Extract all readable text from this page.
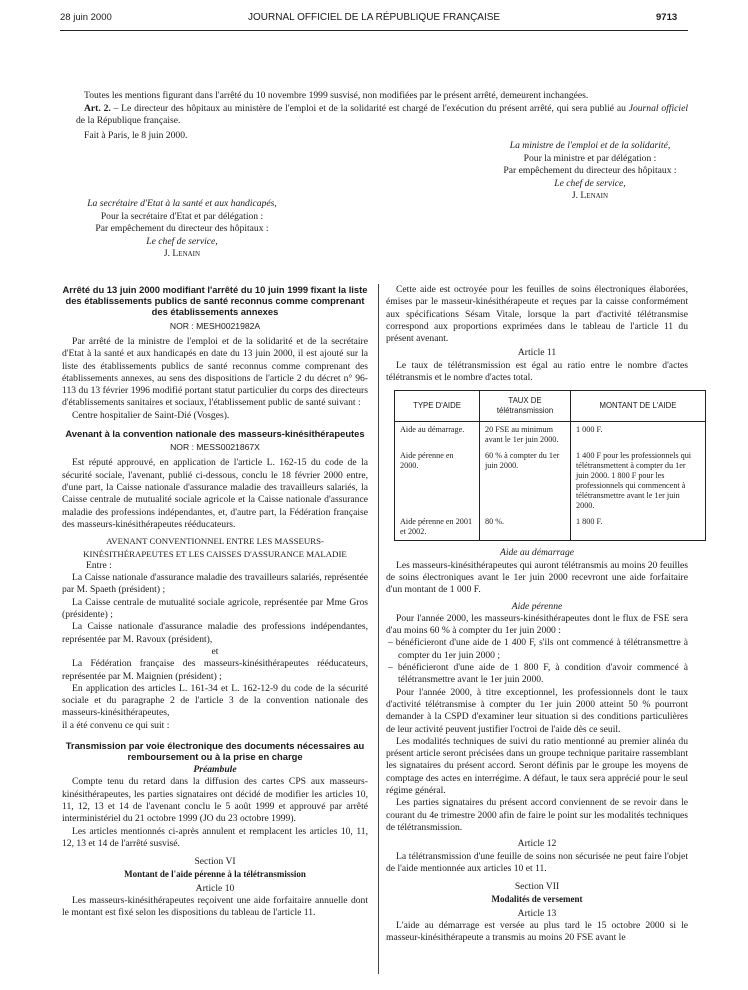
28 juin 2000	JOURNAL OFFICIEL DE LA RÉPUBLIQUE FRANÇAISE	9713

Toutes les mentions figurant dans l'arrêté du 10 novembre 1999 susvisé, non modifiées par le présent arrêté, demeurent inchangées.

Art. 2. – Le directeur des hôpitaux au ministère de l'emploi et de la solidarité est chargé de l'exécution du présent arrêté, qui sera publié au Journal officiel de la République française.

Fait à Paris, le 8 juin 2000.

La ministre de l'emploi et de la solidarité,
Pour la ministre et par délégation :
Par empêchement du directeur des hôpitaux :
Le chef de service,
J. Lenain
La secrétaire d'Etat à la santé et aux handicapés,
Pour la secrétaire d'Etat et par délégation :
Par empêchement du directeur des hôpitaux :
Le chef de service,
J. Lenain
Arrêté du 13 juin 2000 modifiant l'arrêté du 10 juin 1999 fixant la liste des établissements publics de santé reconnus comme comprenant des établissements annexes
NOR : MESH0021982A

Par arrêté de la ministre de l'emploi et de la solidarité et de la secrétaire d'Etat à la santé et aux handicapés en date du 13 juin 2000, il est ajouté sur la liste des établissements publics de santé reconnus comme comprenant des établissements annexes, au sens des dispositions de l'article 2 du décret n° 96-113 du 13 février 1996 modifié portant statut particulier du corps des directeurs d'établissements sanitaires et sociaux, l'établissement public de santé suivant :

Centre hospitalier de Saint-Dié (Vosges).

Avenant à la convention nationale des masseurs-kinésithérapeutes
NOR : MESS0021867X

Est réputé approuvé, en application de l'article L. 162-15 du code de la sécurité sociale, l'avenant, publié ci-dessous, conclu le 18 février 2000 entre, d'une part, la Caisse nationale d'assurance maladie des travailleurs salariés, la Caisse centrale de mutualité sociale agricole et la Caisse nationale d'assurance maladie des professions indépendantes, et, d'autre part, la Fédération française des masseurs-kinésithérapeutes rééducateurs.

AVENANT CONVENTIONNEL ENTRE LES MASSEURS-KINÉSITHÉRAPEUTES ET LES CAISSES D'ASSURANCE MALADIE

Entre :

La Caisse nationale d'assurance maladie des travailleurs salariés, représentée par M. Spaeth (président) ;

La Caisse centrale de mutualité sociale agricole, représentée par Mme Gros (présidente) ;

La Caisse nationale d'assurance maladie des professions indépendantes, représentée par M. Ravoux (président),

et

La Fédération française des masseurs-kinésithérapeutes rééducateurs, représentée par M. Maignien (président) ;

En application des articles L. 161-34 et L. 162-12-9 du code de la sécurité sociale et du paragraphe 2 de l'article 3 de la convention nationale des masseurs-kinésithérapeutes,

il a été convenu ce qui suit :

Transmission par voie électronique des documents nécessaires au remboursement ou à la prise en charge

Préambule

Compte tenu du retard dans la diffusion des cartes CPS aux masseurs-kinésithérapeutes, les parties signataires ont décidé de modifier les articles 10, 11, 12, 13 et 14 de l'avenant conclu le 5 août 1999 et approuvé par arrêté interministériel du 21 octobre 1999 (JO du 23 octobre 1999).

Les articles mentionnés ci-après annulent et remplacent les articles 10, 11, 12, 13 et 14 de l'arrêté susvisé.

Section VI

Montant de l'aide pérenne à la télétransmission

Article 10

Les masseurs-kinésithérapeutes reçoivent une aide forfaitaire annuelle dont le montant est fixé selon les dispositions du tableau de l'article 11.

Cette aide est octroyée pour les feuilles de soins électroniques élaborées, émises par le masseur-kinésithérapeute et reçues par la caisse conformément aux spécifications Sésam Vitale, lorsque la part d'activité télétransmise correspond aux proportions exprimées dans le tableau de l'article 11 du présent avenant.

Article 11

Le taux de télétransmission est égal au ratio entre le nombre d'actes télétransmis et le nombre d'actes total.

TYPE D'AIDE	TAUX DE télétransmission	MONTANT DE L'AIDE
Aide au démarrage.	20 FSE au minimum avant le 1er juin 2000.	1 000 F.
Aide pérenne en 2000.	60 % à compter du 1er juin 2000.	1 400 F pour les professionnels qui télétransmettent à compter du 1er juin 2000. 1 800 F pour les professionnels qui commencent à télétransmettre avant le 1er juin 2000.
Aide pérenne en 2001 et 2002.	80 %.	1 800 F.

Aide au démarrage

Les masseurs-kinésithérapeutes qui auront télétransmis au moins 20 feuilles de soins électroniques avant le 1er juin 2000 recevront une aide forfaitaire d'un montant de 1 000 F.

Aide pérenne

Pour l'année 2000, les masseurs-kinésithérapeutes dont le flux de FSE sera d'au moins 60 % à compter du 1er juin 2000 :

– bénéficieront d'une aide de 1 400 F, s'ils ont commencé à télétransmettre à compter du 1er juin 2000 ;

– bénéficieront d'une aide de 1 800 F, à condition d'avoir commencé à télétransmettre avant le 1er juin 2000.

Pour l'année 2000, à titre exceptionnel, les professionnels dont le taux d'activité télétransmise à compter du 1er juin 2000 atteint 50 % pourront demander à la CSPD d'examiner leur situation si des conditions particulières de leur activité peuvent justifier l'octroi de l'aide dès ce seuil.

Les modalités techniques de suivi du ratio mentionné au premier alinéa du présent article seront précisées dans un groupe technique paritaire rassemblant les signataires du présent accord. Seront définis par le groupe les moyens de comptage des actes en interrégime. A défaut, le taux sera apprécié pour le seul régime général.

Les parties signataires du présent accord conviennent de se revoir dans le courant du 4e trimestre 2000 afin de faire le point sur les modalités techniques de télétransmission.

Article 12

La télétransmission d'une feuille de soins non sécurisée ne peut faire l'objet de l'aide mentionnée aux articles 10 et 11.

Section VII

Modalités de versement

Article 13

L'aide au démarrage est versée au plus tard le 15 octobre 2000 si le masseur-kinésithérapeute a transmis au moins 20 FSE avant le
